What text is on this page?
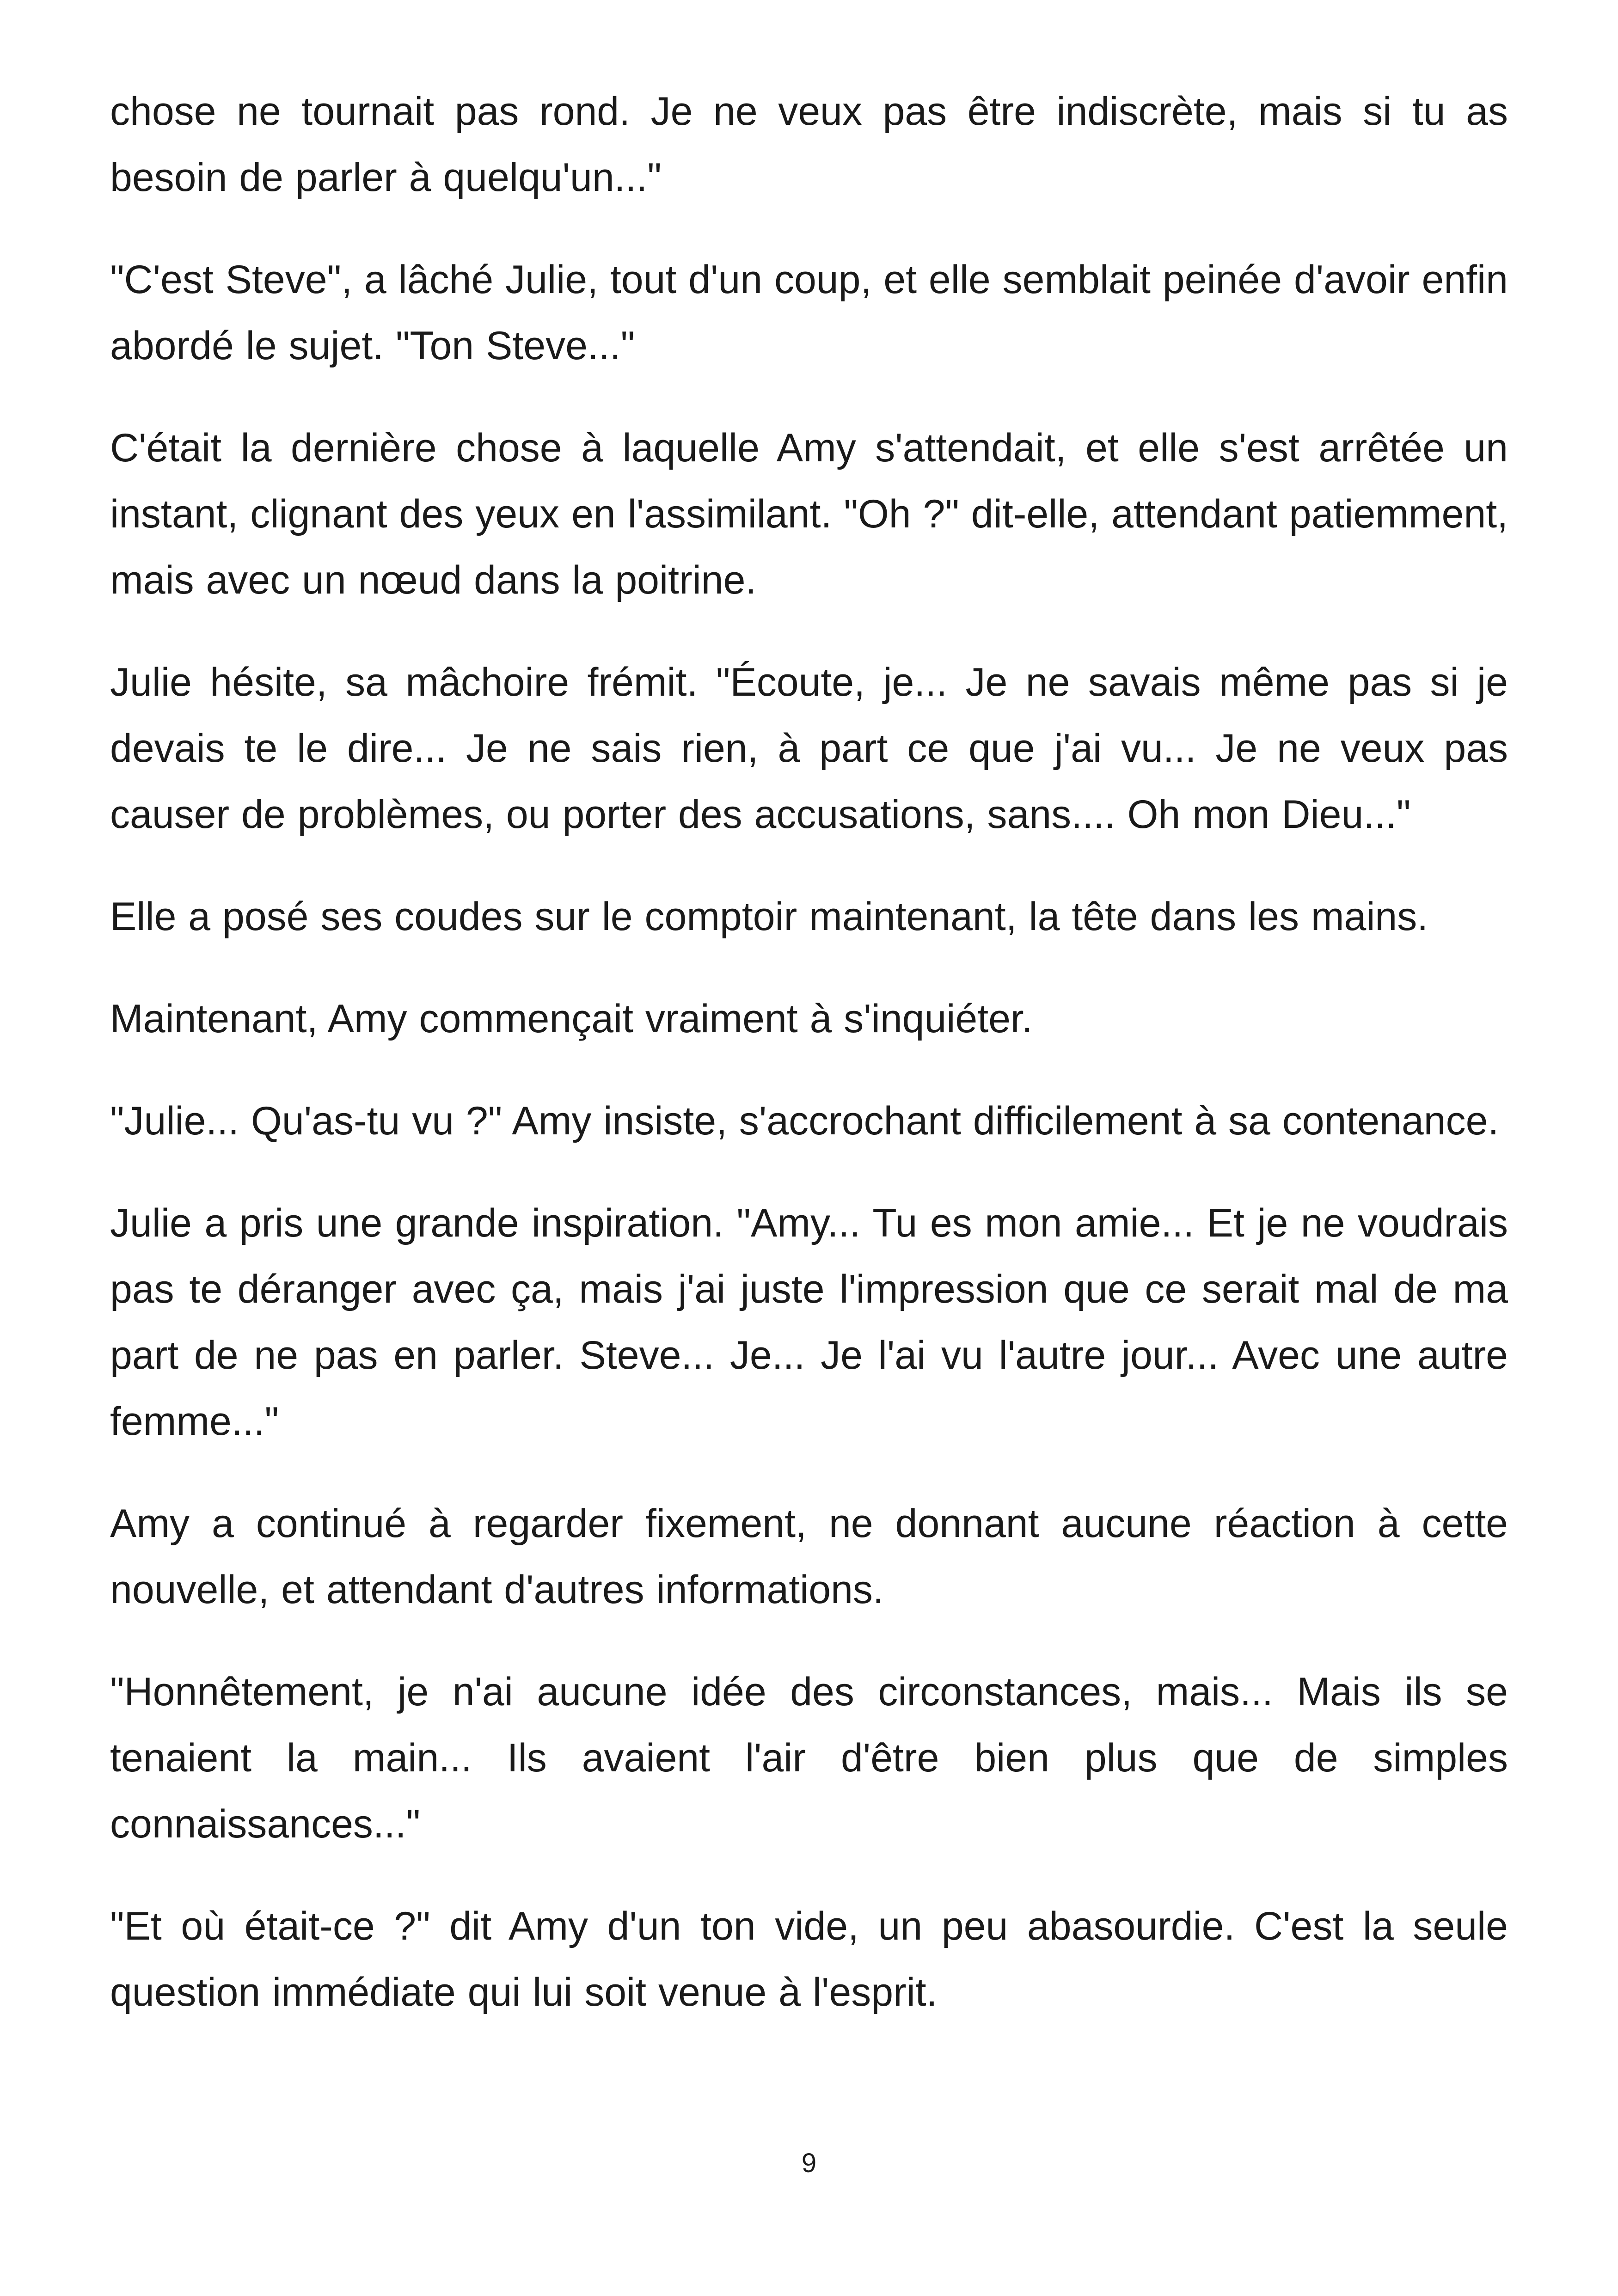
chose ne tournait pas rond. Je ne veux pas être indiscrète, mais si tu as besoin de parler à quelqu'un..."

"C'est Steve", a lâché Julie, tout d'un coup, et elle semblait peinée d'avoir enfin abordé le sujet. "Ton Steve..."

C'était la dernière chose à laquelle Amy s'attendait, et elle s'est arrêtée un instant, clignant des yeux en l'assimilant. "Oh ?" dit-elle, attendant patiemment, mais avec un nœud dans la poitrine.

Julie hésite, sa mâchoire frémit. "Écoute, je... Je ne savais même pas si je devais te le dire... Je ne sais rien, à part ce que j'ai vu... Je ne veux pas causer de problèmes, ou porter des accusations, sans.... Oh mon Dieu..."

Elle a posé ses coudes sur le comptoir maintenant, la tête dans les mains.

Maintenant, Amy commençait vraiment à s'inquiéter.

"Julie... Qu'as-tu vu ?" Amy insiste, s'accrochant difficilement à sa contenance.

Julie a pris une grande inspiration. "Amy... Tu es mon amie... Et je ne voudrais pas te déranger avec ça, mais j'ai juste l'impression que ce serait mal de ma part de ne pas en parler. Steve... Je... Je l'ai vu l'autre jour... Avec une autre femme..."

Amy a continué à regarder fixement, ne donnant aucune réaction à cette nouvelle, et attendant d'autres informations.

"Honnêtement, je n'ai aucune idée des circonstances, mais... Mais ils se tenaient la main... Ils avaient l'air d'être bien plus que de simples connaissances..."

"Et où était-ce ?" dit Amy d'un ton vide, un peu abasourdie. C'est la seule question immédiate qui lui soit venue à l'esprit.

9
